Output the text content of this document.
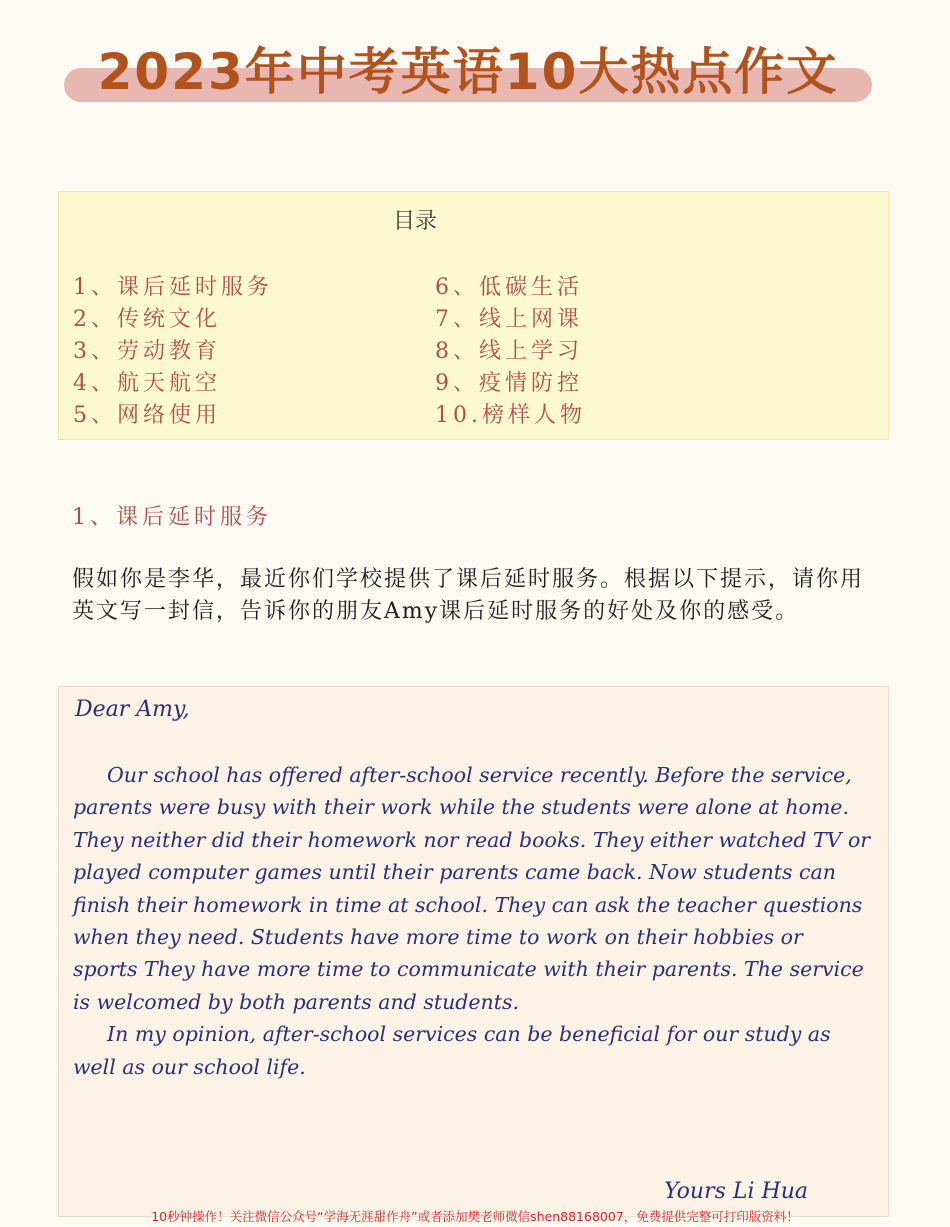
2023年中考英语10大热点作文
目录
1、课后延时服务
2、传统文化
3、劳动教育
4、航天航空
5、网络使用
6、低碳生活
7、线上网课
8、线上学习
9、疫情防控
10.榜样人物
1、课后延时服务
假如你是李华，最近你们学校提供了课后延时服务。根据以下提示，请你用英文写一封信，告诉你的朋友Amy课后延时服务的好处及你的感受。
Dear Amy,

Our school has offered after-school service recently. Before the service, parents were busy with their work while the students were alone at home. They neither did their homework nor read books. They either watched TV or played computer games until their parents came back. Now students can finish their homework in time at school. They can ask the teacher questions when they need. Students have more time to work on their hobbies or sports They have more time to communicate with their parents. The service is welcomed by both parents and students.

In my opinion, after-school services can be beneficial for our study as well as our school life.

Yours Li Hua
10秒钟操作！关注微信公众号“学海无涯甜作舟”或者添加樊老师微信shen88168007，免费提供完整可打印版资料！
